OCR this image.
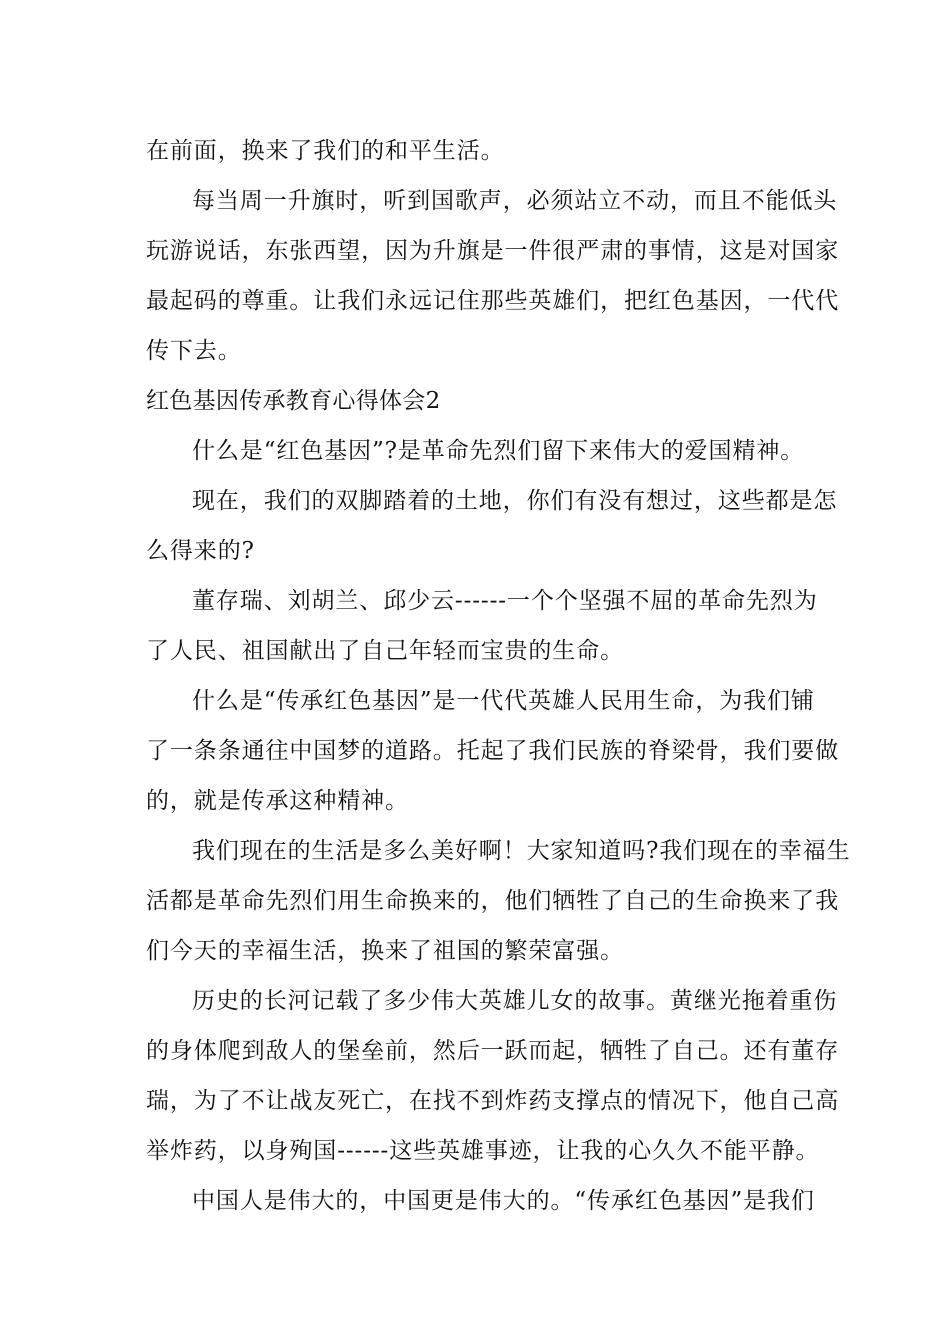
在前面，换来了我们的和平生活。
每当周一升旗时，听到国歌声，必须站立不动，而且不能低头
玩游说话，东张西望，因为升旗是一件很严肃的事情，这是对国家
最起码的尊重。让我们永远记住那些英雄们，把红色基因，一代代
传下去。
红色基因传承教育心得体会2
什么是“红色基因”?是革命先烈们留下来伟大的爱国精神。
现在，我们的双脚踏着的土地，你们有没有想过，这些都是怎
么得来的?
董存瑞、刘胡兰、邱少云------一个个坚强不屈的革命先烈为
了人民、祖国献出了自己年轻而宝贵的生命。
什么是“传承红色基因”是一代代英雄人民用生命，为我们铺
了一条条通往中国梦的道路。托起了我们民族的脊梁骨，我们要做
的，就是传承这种精神。
我们现在的生活是多么美好啊！大家知道吗?我们现在的幸福生
活都是革命先烈们用生命换来的，他们牺牲了自己的生命换来了我
们今天的幸福生活，换来了祖国的繁荣富强。
历史的长河记载了多少伟大英雄儿女的故事。黄继光拖着重伤
的身体爬到敌人的堡垒前，然后一跃而起，牺牲了自己。还有董存
瑞，为了不让战友死亡，在找不到炸药支撑点的情况下，他自己高
举炸药，以身殉国------这些英雄事迹，让我的心久久不能平静。
中国人是伟大的，中国更是伟大的。“传承红色基因”是我们
